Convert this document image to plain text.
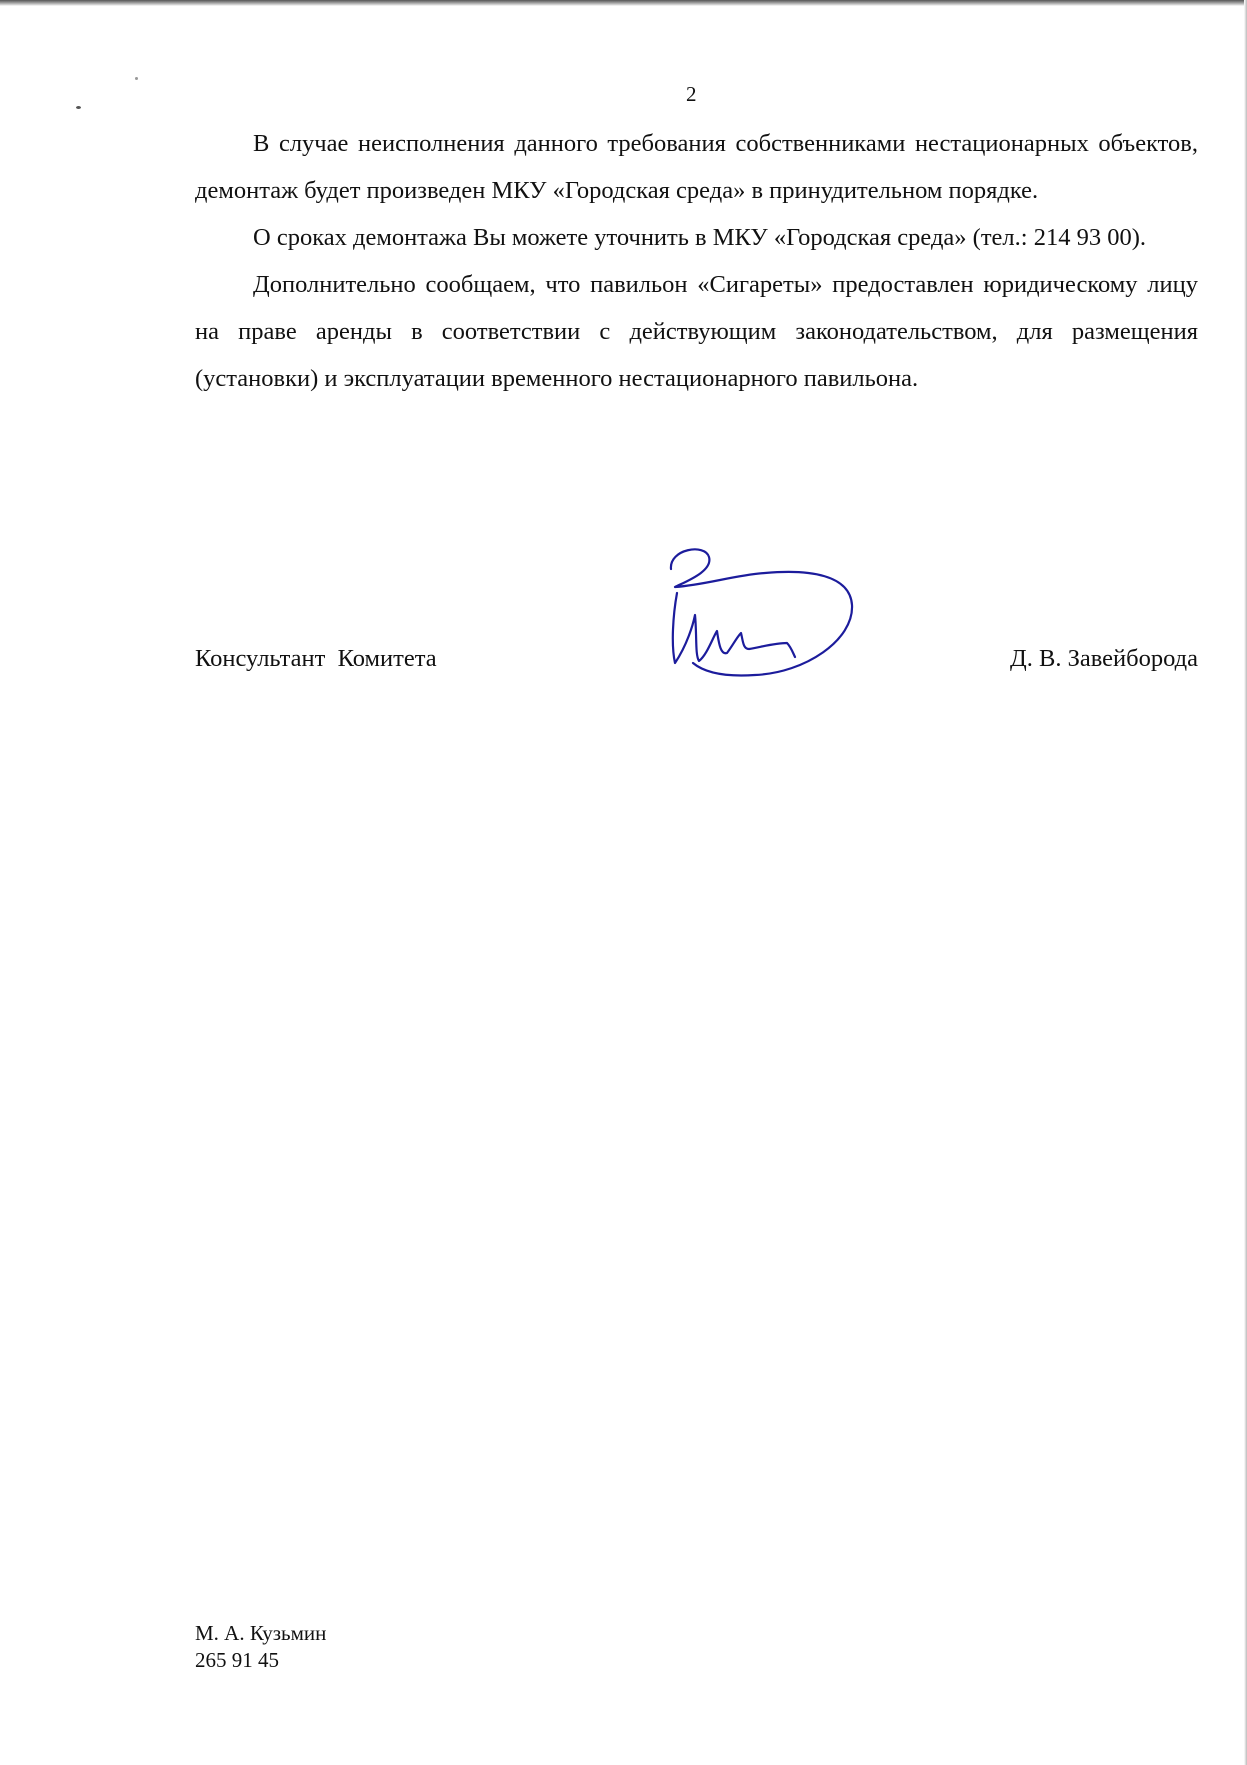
2

В случае неисполнения данного требования собственниками нестационарных объектов, демонтаж будет произведен МКУ «Городская среда» в принудительном порядке.

О сроках демонтажа Вы можете уточнить в МКУ «Городская среда» (тел.: 214 93 00).

Дополнительно сообщаем, что павильон «Сигареты» предоставлен юридическому лицу на праве аренды в соответствии с действующим законодательством, для размещения (установки) и эксплуатации временного нестационарного павильона.

Консультант  Комитета	Д. В. Завейборода
М. А. Кузьмин
265 91 45
